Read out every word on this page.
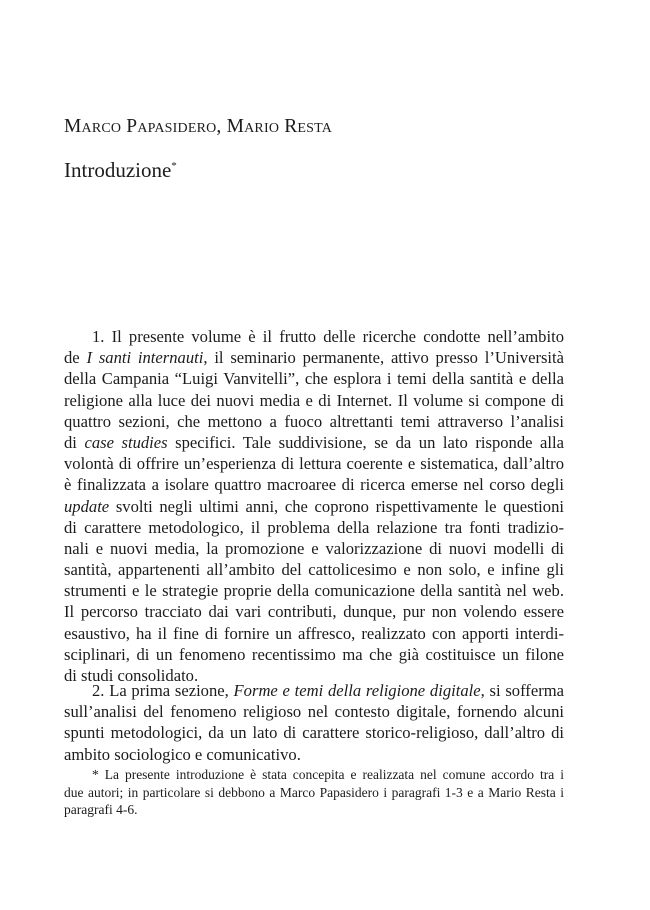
Marco Papasidero, Mario Resta
Introduzione*
1. Il presente volume è il frutto delle ricerche condotte nell’ambito
de I santi internauti, il seminario permanente, attivo presso l’Università
della Campania “Luigi Vanvitelli”, che esplora i temi della santità e della
religione alla luce dei nuovi media e di Internet. Il volume si compone di
quattro sezioni, che mettono a fuoco altrettanti temi attraverso l’analisi
di case studies specifici. Tale suddivisione, se da un lato risponde alla
volontà di offrire un’esperienza di lettura coerente e sistematica, dall’altro
è finalizzata a isolare quattro macroaree di ricerca emerse nel corso degli
update svolti negli ultimi anni, che coprono rispettivamente le questioni
di carattere metodologico, il problema della relazione tra fonti tradizio-
nali e nuovi media, la promozione e valorizzazione di nuovi modelli di
santità, appartenenti all’ambito del cattolicesimo e non solo, e infine gli
strumenti e le strategie proprie della comunicazione della santità nel web.
Il percorso tracciato dai vari contributi, dunque, pur non volendo essere
esaustivo, ha il fine di fornire un affresco, realizzato con apporti interdi-
sciplinari, di un fenomeno recentissimo ma che già costituisce un filone
di studi consolidato.
2. La prima sezione, Forme e temi della religione digitale, si sofferma
sull’analisi del fenomeno religioso nel contesto digitale, fornendo alcuni
spunti metodologici, da un lato di carattere storico-religioso, dall’altro di
ambito sociologico e comunicativo.
* La presente introduzione è stata concepita e realizzata nel comune accordo tra i
due autori; in particolare si debbono a Marco Papasidero i paragrafi 1-3 e a Mario Resta i
paragrafi 4-6.
